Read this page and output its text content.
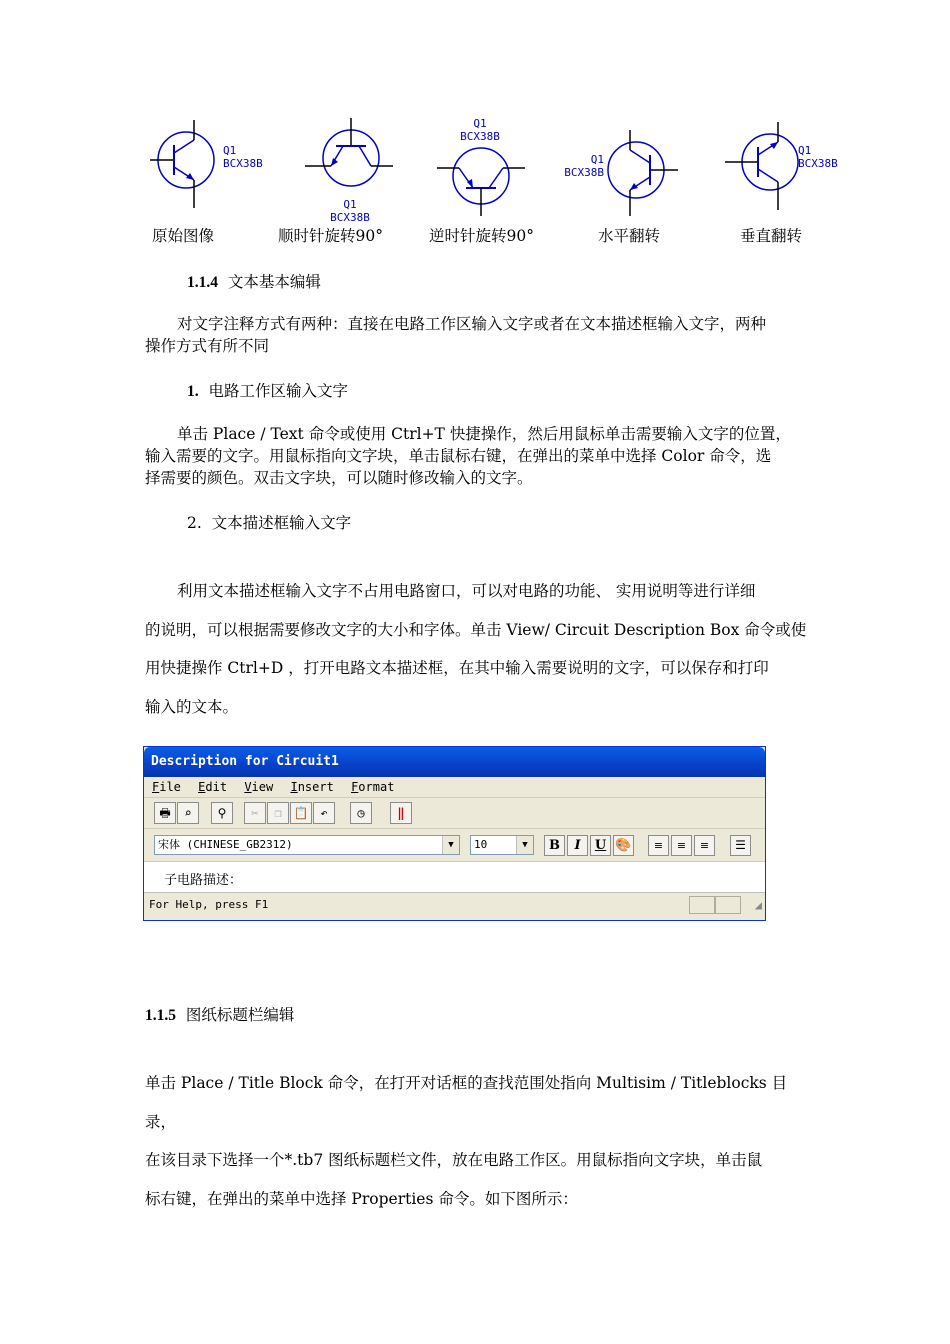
Q1
BCX38B
Q1
BCX38B
Q1
BCX38B
Q1
BCX38B
Q1
BCX38B
原始图像	顺时针旋转90°	逆时针旋转90°	水平翻转	垂直翻转
1.1.4 文本基本编辑
对文字注释方式有两种：直接在电路工作区输入文字或者在文本描述框输入文字，两种
操作方式有所不同
1. 电路工作区输入文字
单击 Place / Text 命令或使用 Ctrl+T 快捷操作，然后用鼠标单击需要输入文字的位置，
输入需要的文字。用鼠标指向文字块，单击鼠标右键，在弹出的菜单中选择 Color 命令，选
择需要的颜色。双击文字块，可以随时修改输入的文字。
2. 文本描述框输入文字
利用文本描述框输入文字不占用电路窗口，可以对电路的功能、 实用说明等进行详细
的说明，可以根据需要修改文字的大小和字体。单击 View/ Circuit Description Box 命令或使
用快捷操作 Ctrl+D ，打开电路文本描述框，在其中输入需要说明的文字，可以保存和打印
输入的文本。
Description for Circuit1
File Edit View Insert Format
🖶	⌕	⚲	✂	❐ 📋 ↶	◷	‖
宋体 (CHINESE_GB2312)	▼	10	▼	B	I	U 🎨	≡	≡	≡	☰
子电路描述：
For Help, press F1	◢
1.1.5 图纸标题栏编辑
单击 Place / Title Block 命令，在打开对话框的查找范围处指向 Multisim / Titleblocks 目录，
在该目录下选择一个*.tb7 图纸标题栏文件，放在电路工作区。用鼠标指向文字块，单击鼠
标右键，在弹出的菜单中选择 Properties 命令。如下图所示：
